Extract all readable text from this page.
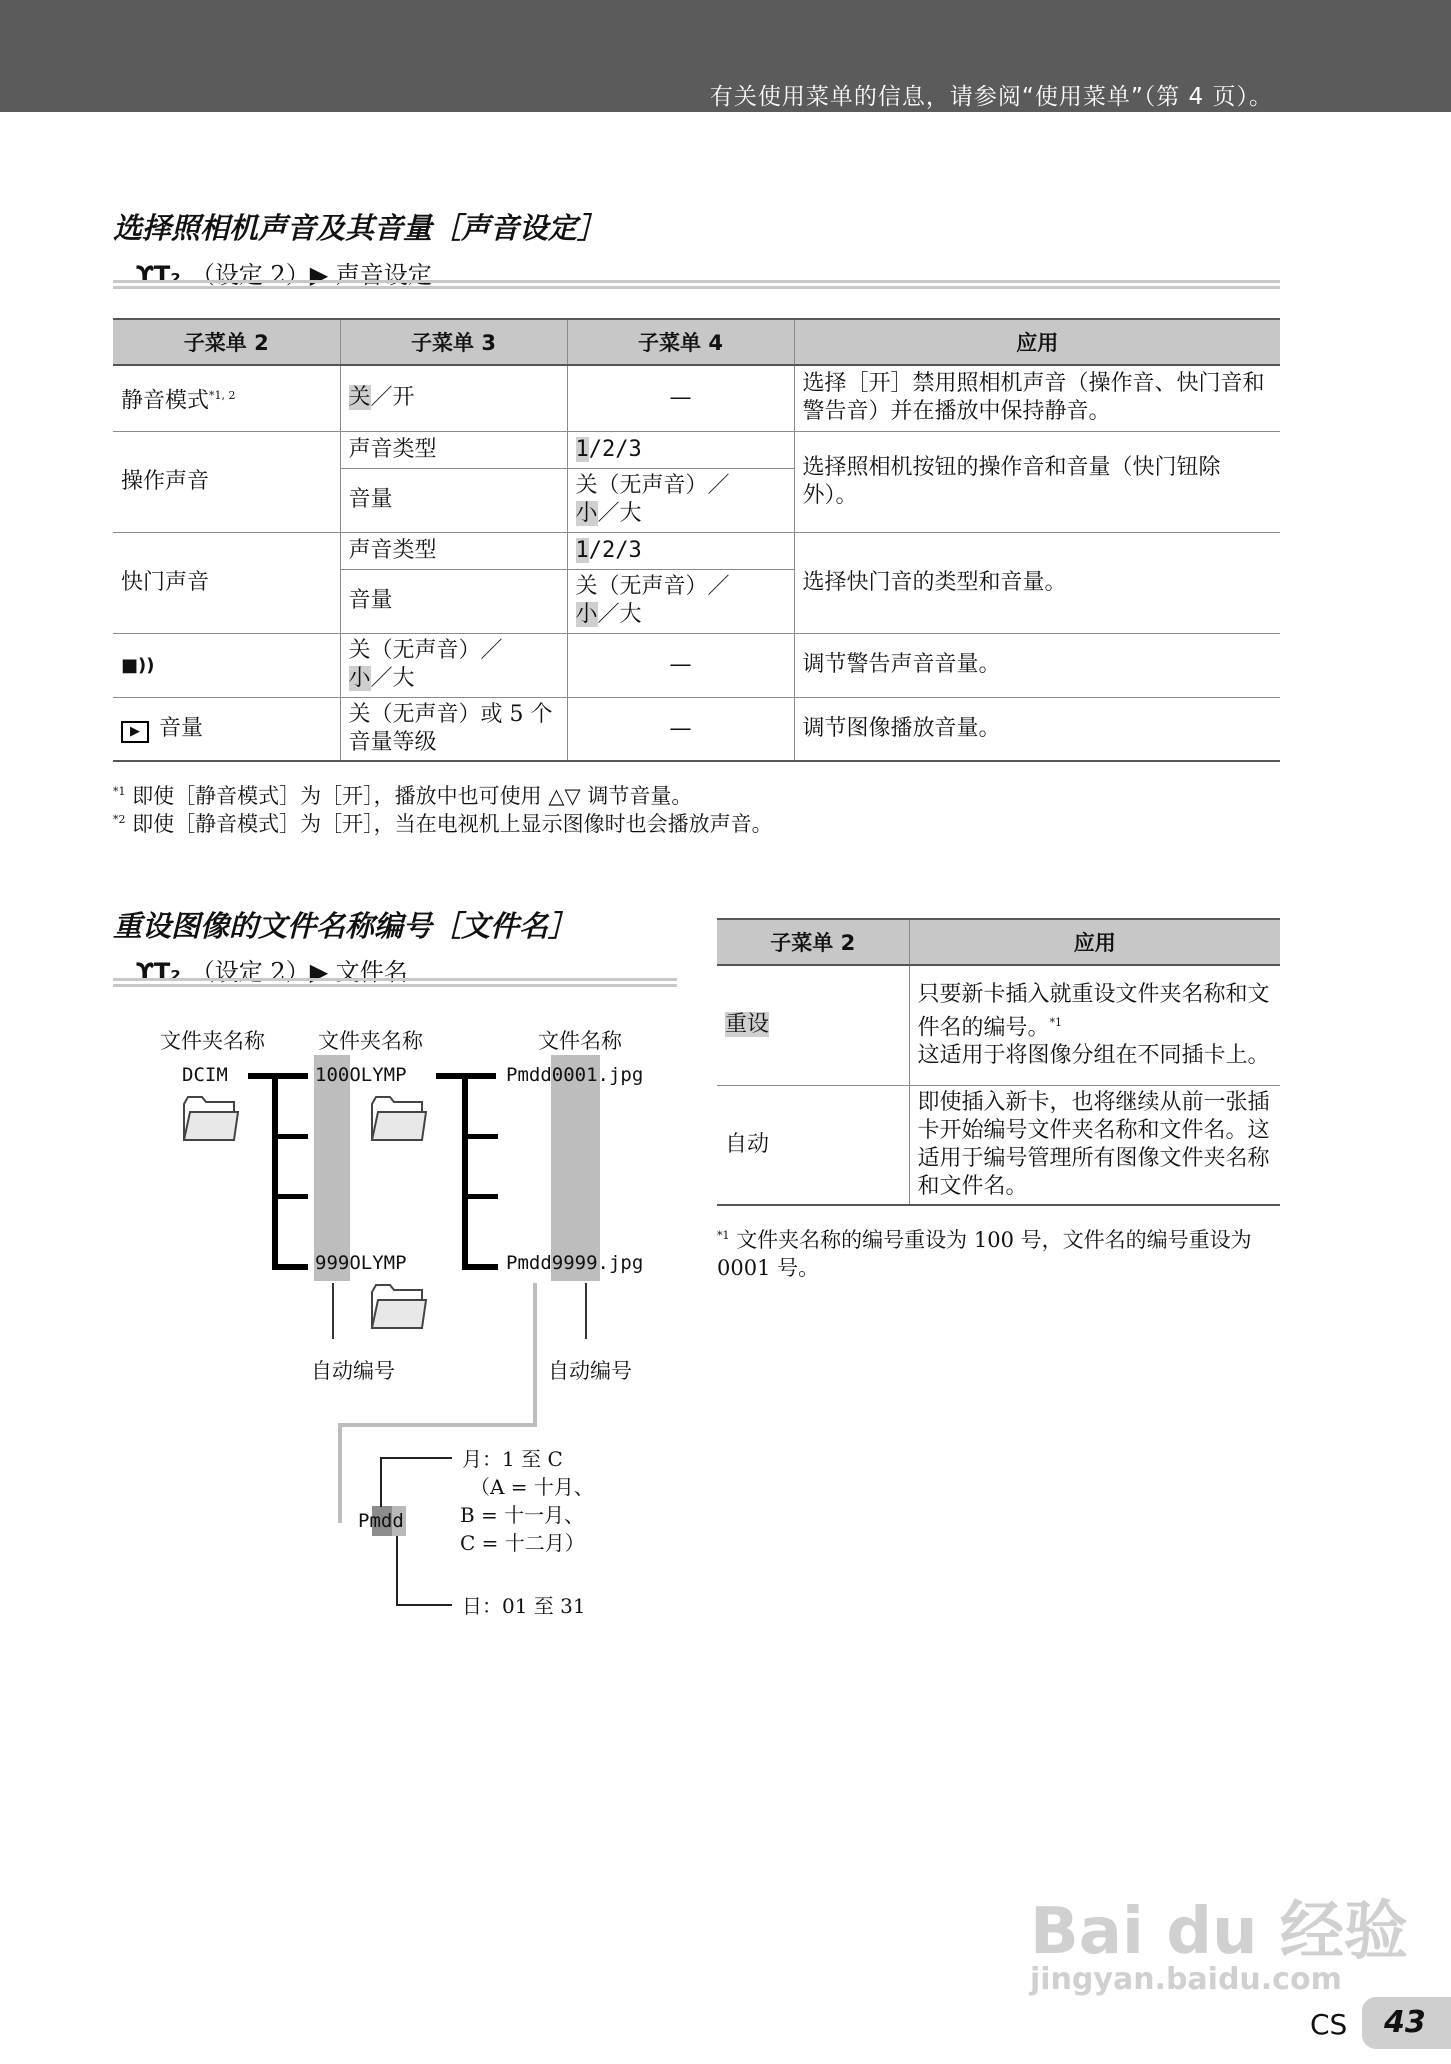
有关使用菜单的信息，请参阅“使用菜单”（第 4 页）。
选择照相机声音及其音量［声音设定］
ϒT₂ （设定 2）▶ 声音设定
子菜单 2	子菜单 3	子菜单 4	应用
静音模式$^{*1, 2}$	关／开	—	选择［开］禁用照相机声音（操作音、快门音和警告音）并在播放中保持静音。
操作声音	声音类型	1/2/3	选择照相机按钮的操作音和音量（快门钮除外）。
	音量	关（无声音）／
小／大	
快门声音	声音类型	1/2/3	选择快门音的类型和音量。
	音量	关（无声音）／
小／大	
■))	关（无声音）／
小／大	—	调节警告声音音量。
▶ 音量	关（无声音）或 5 个音量等级	—	调节图像播放音量。
$^{*1}$ 即使［静音模式］为［开］，播放中也可使用 △▽ 调节音量。
$^{*2}$ 即使［静音模式］为［开］，当在电视机上显示图像时也会播放声音。
重设图像的文件名称编号［文件名］
ϒT₂ （设定 2）▶ 文件名
文件夹名称	文件夹名称	文件名称
DCIM	100OLYMP
999OLYMP
Pmdd0001.jpg
Pmdd9999.jpg
自动编号	自动编号
Pmdd
月：1 至 C
（A = 十月、
B = 十一月、
C = 十二月）
日：01 至 31
子菜单 2	应用
重设	只要新卡插入就重设文件夹名称和文件名的编号。$^{*1}$
这适用于将图像分组在不同插卡上。
自动	即使插入新卡，也将继续从前一张插卡开始编号文件夹名称和文件名。这适用于编号管理所有图像文件夹名称和文件名。
$^{*1}$ 文件夹名称的编号重设为 100 号，文件名的编号重设为 0001 号。
Bai du 经验
jingyan.baidu.com
CS 43
